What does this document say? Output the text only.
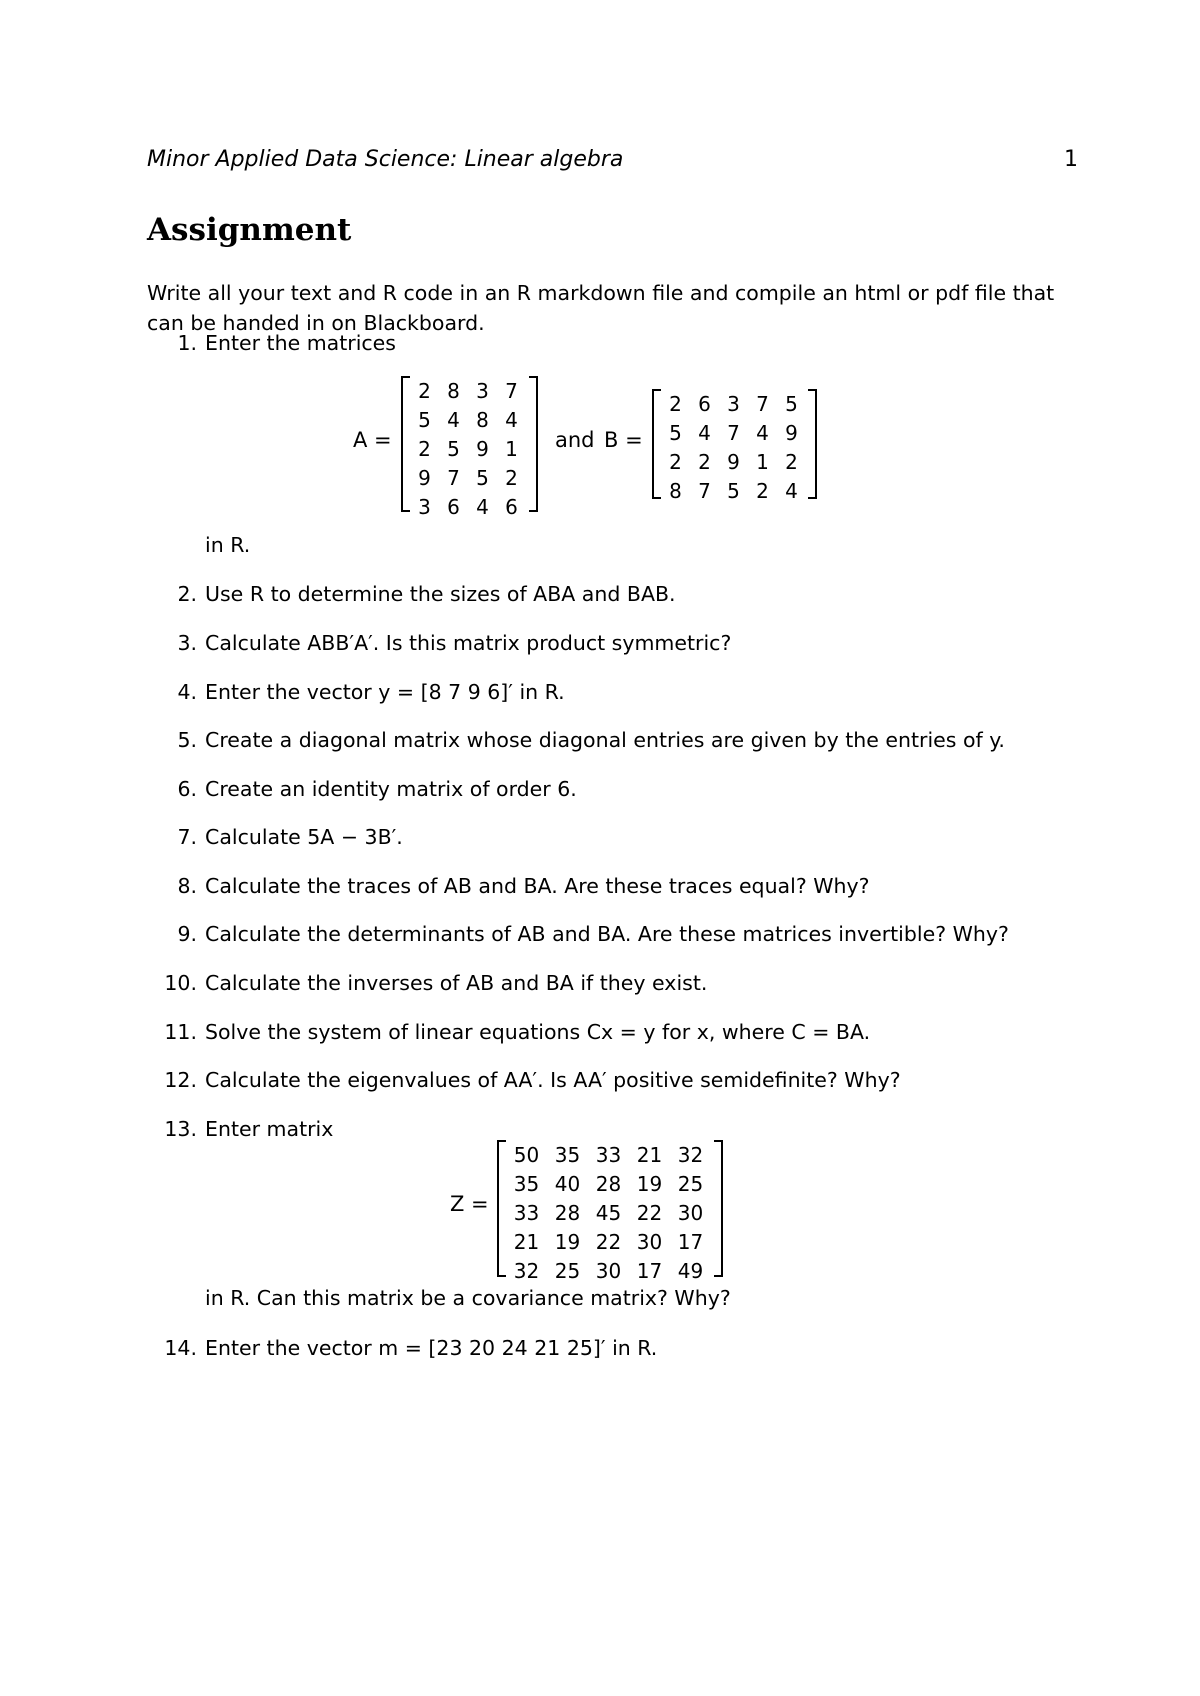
Minor Applied Data Science: Linear algebra	1
Assignment
Write all your text and R code in an R markdown file and compile an html or pdf file that can be handed in on Blackboard.
1. Enter the matrices
A =
2 8 3 7
5 4 8 4
2 5 9 1
9 7 5 2
3 6 4 6
and B =
2 6 3 7 5
5 4 7 4 9
2 2 9 1 2
8 7 5 2 4
in R.
2. Use R to determine the sizes of ABA and BAB.
3. Calculate ABB′A′. Is this matrix product symmetric?
4. Enter the vector y = [8 7 9 6]′ in R.
5. Create a diagonal matrix whose diagonal entries are given by the entries of y.
6. Create an identity matrix of order 6.
7. Calculate 5A − 3B′.
8. Calculate the traces of AB and BA. Are these traces equal? Why?
9. Calculate the determinants of AB and BA. Are these matrices invertible? Why?
10. Calculate the inverses of AB and BA if they exist.
11. Solve the system of linear equations Cx = y for x, where C = BA.
12. Calculate the eigenvalues of AA′. Is AA′ positive semidefinite? Why?
13. Enter matrix
Z =
50 35 33 21 32
35 40 28 19 25
33 28 45 22 30
21 19 22 30 17
32 25 30 17 49
in R. Can this matrix be a covariance matrix? Why?
14. Enter the vector m = [23 20 24 21 25]′ in R.
